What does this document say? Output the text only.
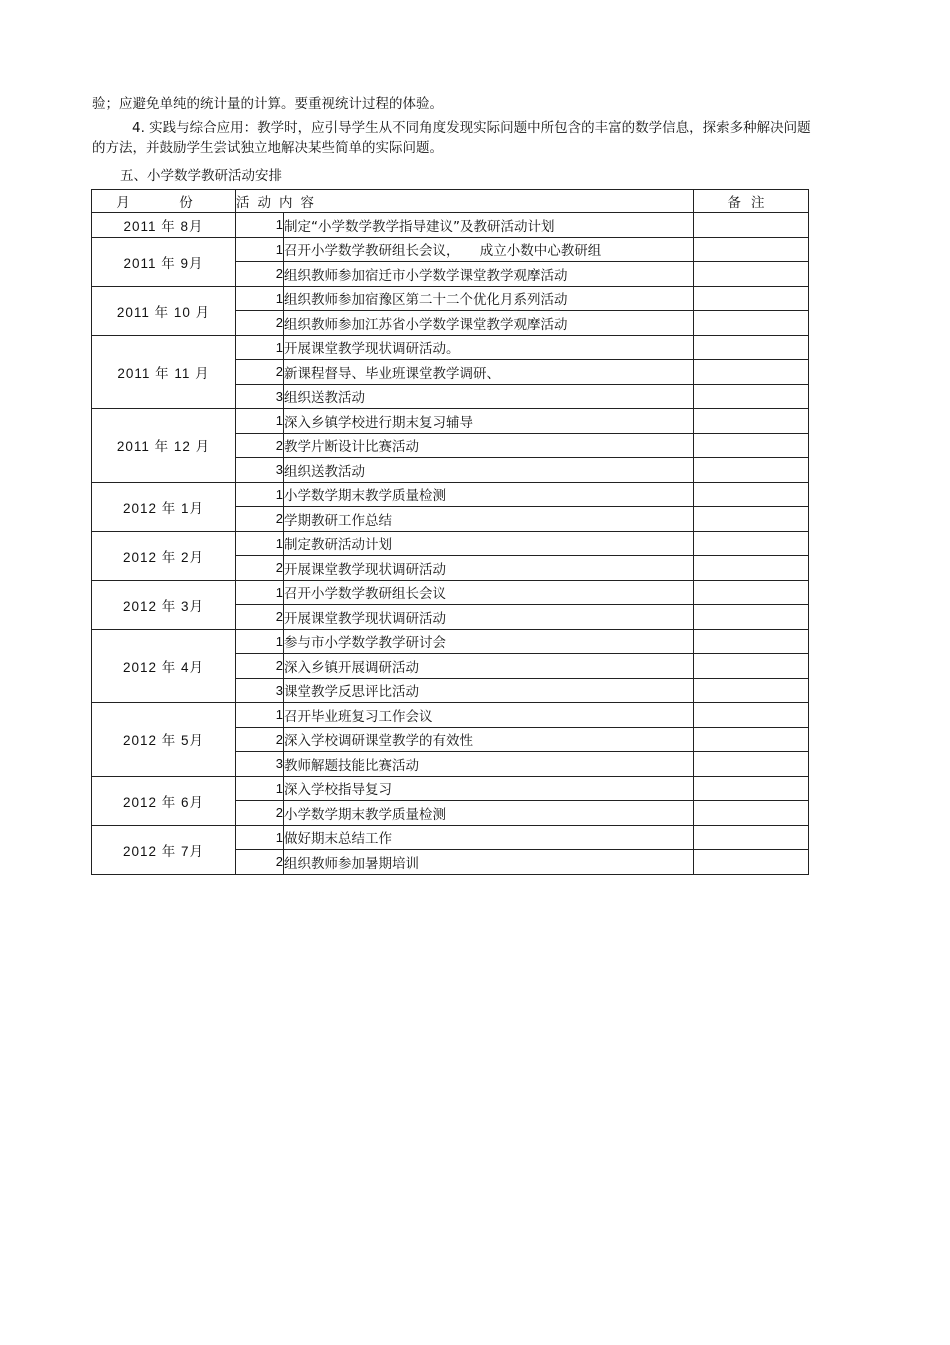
验；应避免单纯的统计量的计算。要重视统计过程的体验。
4. 实践与综合应用：教学时，应引导学生从不同角度发现实际问题中所包含的丰富的数学信息，探索多种解决问题的方法，并鼓励学生尝试独立地解决某些简单的实际问题。
五、小学数学教研活动安排
月　份	活动内容		备注
2011 年 8月	1	制定“小学数学教学指导建议”及教研活动计划	
2011 年 9月	1	召开小学数学教研组长会议，　　成立小数中心教研组	
	2	组织教师参加宿迁市小学数学课堂教学观摩活动	
2011 年 10 月	1	组织教师参加宿豫区第二十二个优化月系列活动	
	2	组织教师参加江苏省小学数学课堂教学观摩活动	
2011 年 11 月	1	开展课堂教学现状调研活动。	
	2	新课程督导、毕业班课堂教学调研、	
	3	组织送教活动	
2011 年 12 月	1	深入乡镇学校进行期末复习辅导	
	2	教学片断设计比赛活动	
	3	组织送教活动	
2012 年 1月	1	小学数学期末教学质量检测	
	2	学期教研工作总结	
2012 年 2月	1	制定教研活动计划	
	2	开展课堂教学现状调研活动	
2012 年 3月	1	召开小学数学教研组长会议	
	2	开展课堂教学现状调研活动	
2012 年 4月	1	参与市小学数学教学研讨会	
	2	深入乡镇开展调研活动	
	3	课堂教学反思评比活动	
2012 年 5月	1	召开毕业班复习工作会议	
	2	深入学校调研课堂教学的有效性	
	3	教师解题技能比赛活动	
2012 年 6月	1	深入学校指导复习	
	2	小学数学期末教学质量检测	
2012 年 7月	1	做好期末总结工作	
	2	组织教师参加暑期培训	
